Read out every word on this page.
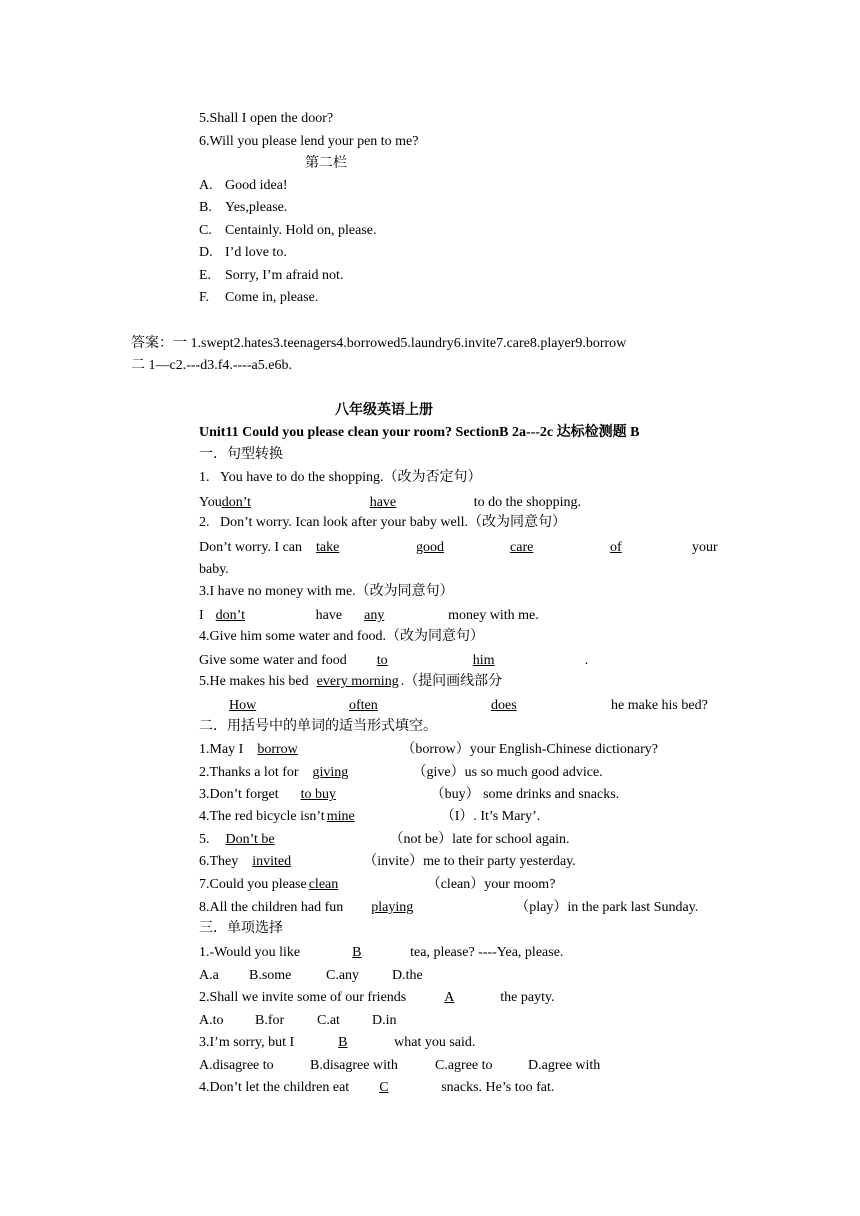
5.Shall I open the door?
6.Will you please lend your pen to me?
第二栏
A. Good idea!
B. Yes,please.
C. Centainly. Hold on, please.
D. I’d love to.
E. Sorry, I’m afraid not.
F. Come in, please.
答案：一 1.swept2.hates3.teenagers4.borrowed5.laundry6.invite7.care8.player9.borrow
二 1—c2.---d3.f4.----a5.e6b.
八年级英语上册
Unit11 Could you please clean your room? SectionB 2a---2c 达标检测题 B
一．句型转换
1.   You have to do the shopping.（改为否定句）
Youdon’t	have	to do the shopping.
2.   Don’t worry. Ican look after your baby well.（改为同意句）
Don’t worry. I can take	good	care	of	your
baby.
3.I have no money with me.（改为同意句）
I don’t	have any	money with me.
4.Give him some water and food.（改为同意句）
Give some water and food to	him	.
5.He makes his bed every morning .（提问画线部分
How	often	does	he make his bed?
二．用括号中的单词的适当形式填空。
1.May I borrow	（borrow）your English-Chinese dictionary?
2.Thanks a lot for giving	（give）us so much good advice.
3.Don’t forget to buy	（buy） some drinks and snacks.
4.The red bicycle isn’t mine	（I）. It’s Mary’.
5. Don’t be	（not be）late for school again.
6.They invited	（invite）me to their party yesterday.
7.Could you please clean	（clean）your moom?
8.All the children had fun playing	（play）in the park last Sunday.
三．单项选择
1.-Would you like	B	tea, please? ----Yea, please.
A.a B.some C.any D.the
2.Shall we invite some of our friends	A	the payty.
A.to B.for C.at D.in
3.I’m sorry, but I	B	what you said.
A.disagree to	B.disagree with	C.agree to	D.agree with
4.Don’t let the children eat C	snacks. He’s too fat.
